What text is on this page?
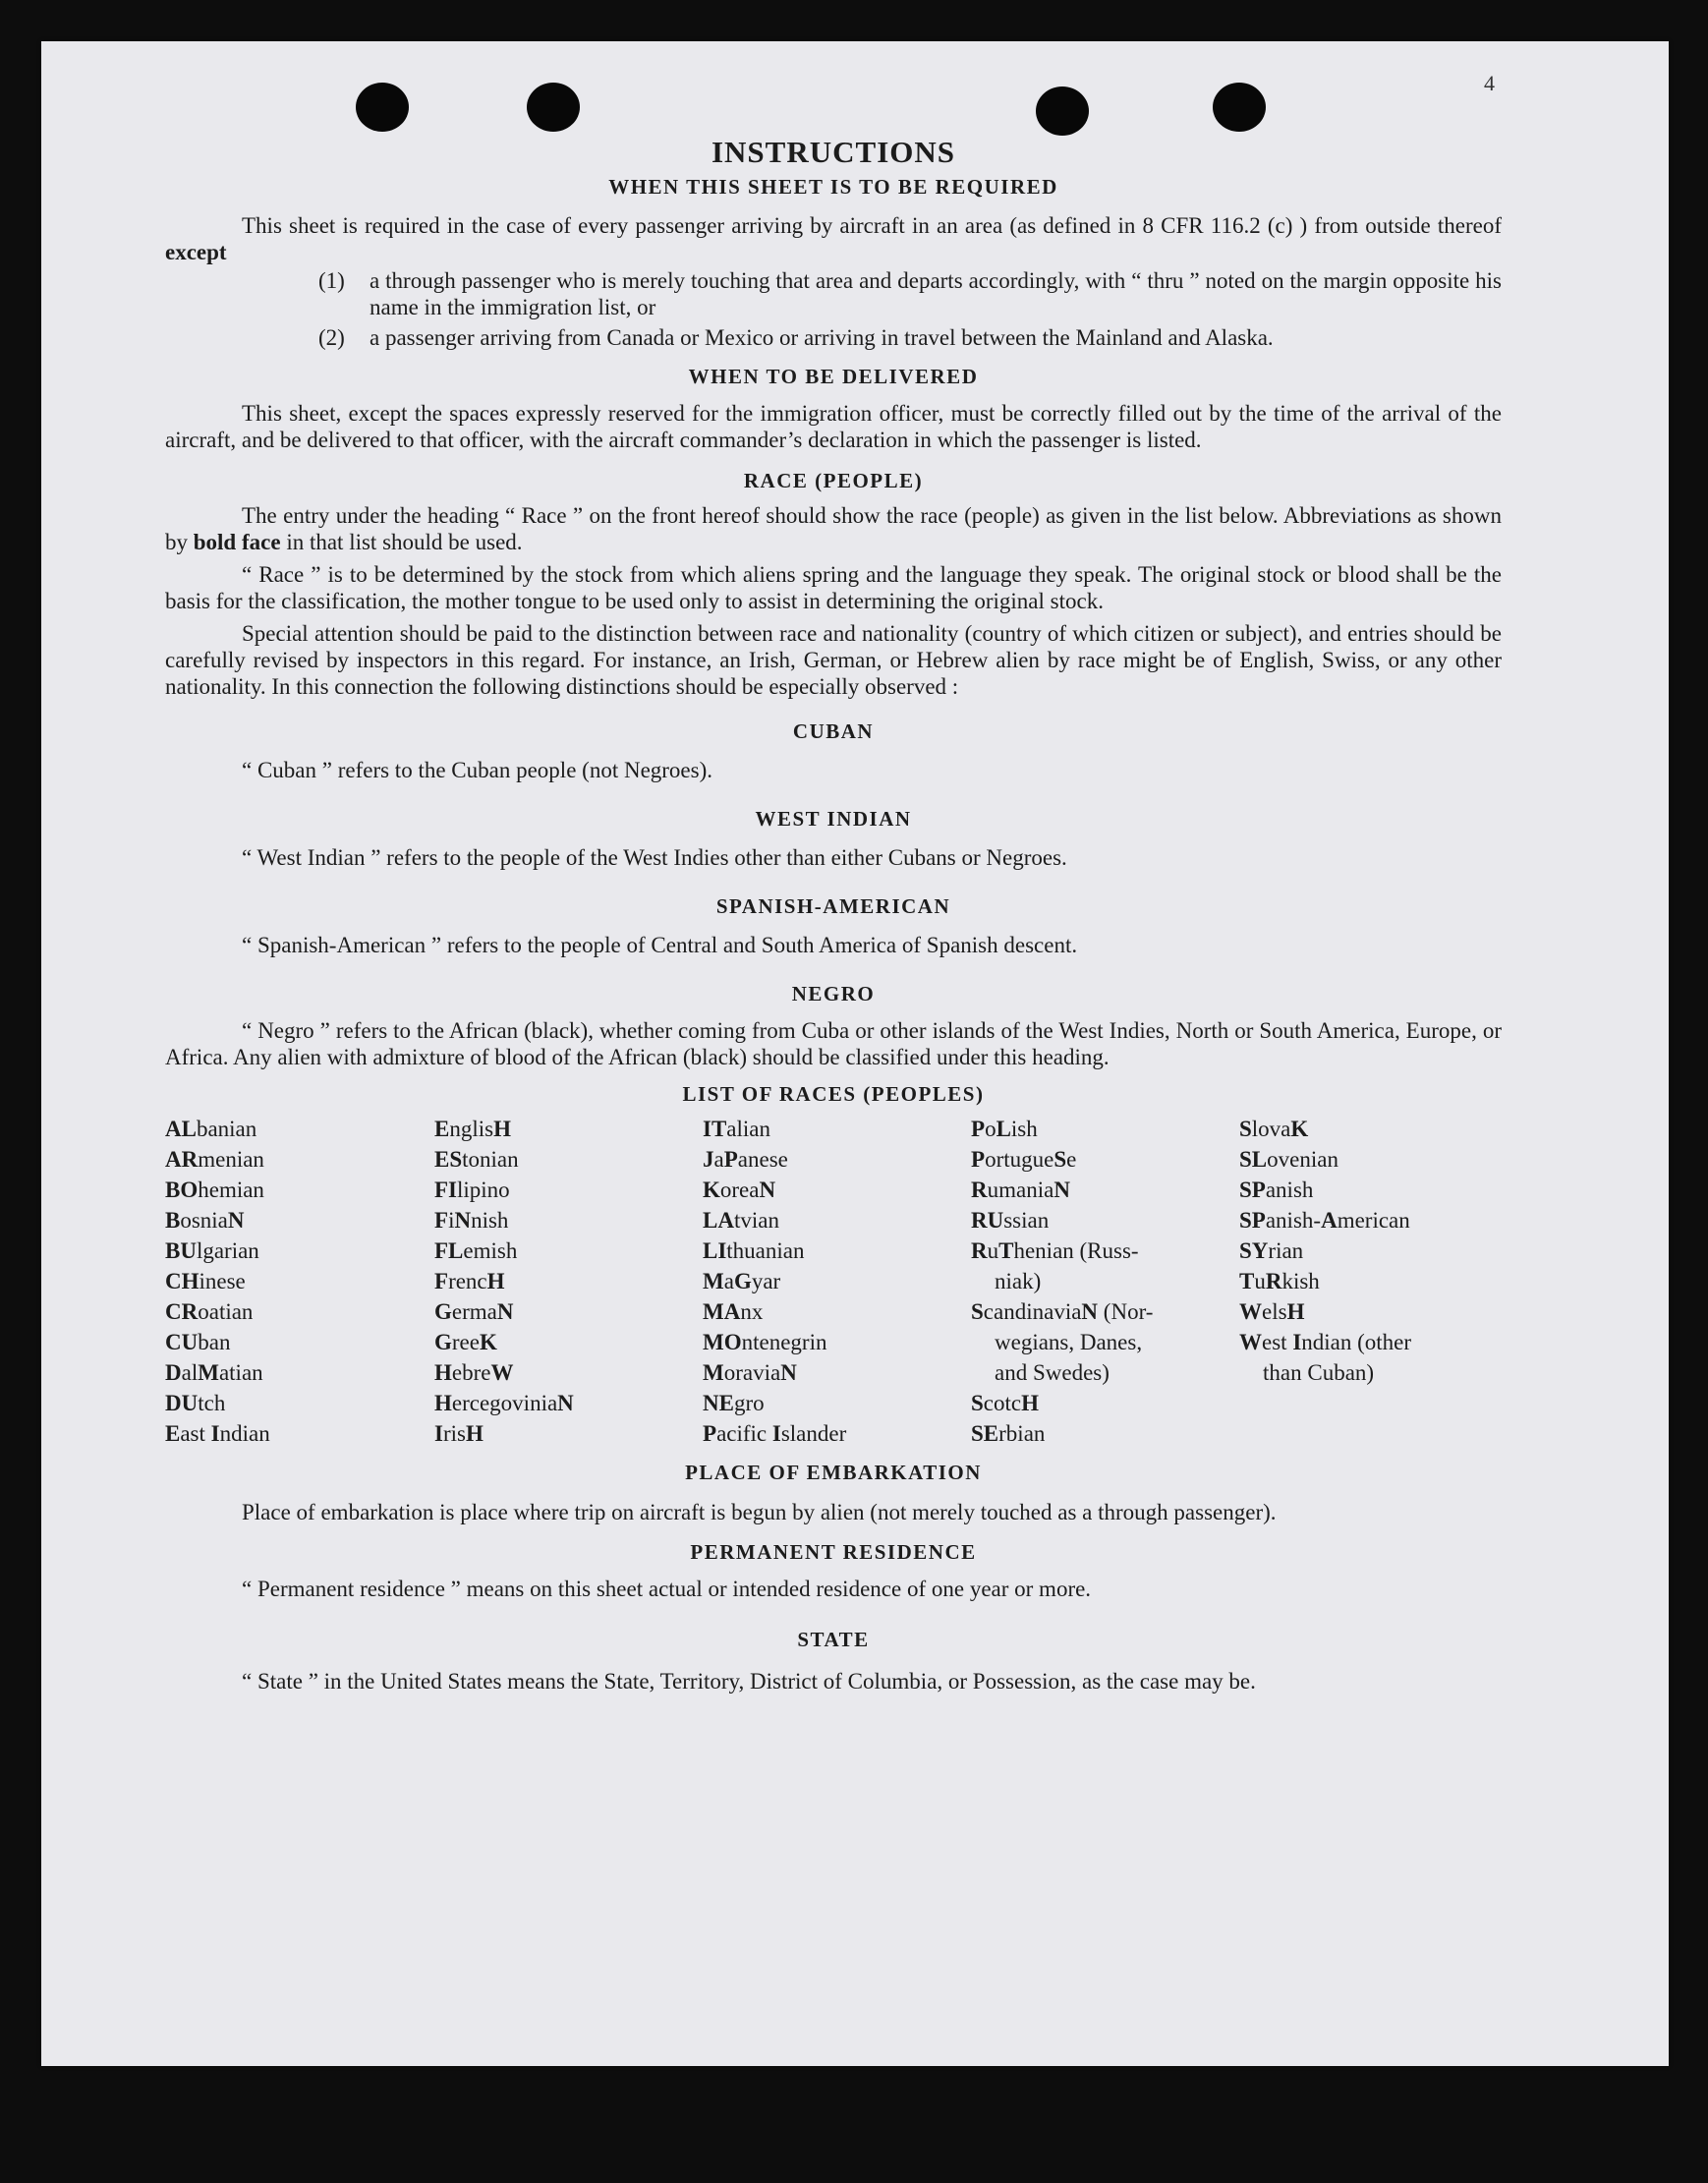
4
INSTRUCTIONS
WHEN THIS SHEET IS TO BE REQUIRED

This sheet is required in the case of every passenger arriving by aircraft in an area (as defined in 8 CFR 116.2 (c) ) from outside thereof except

(1)	a through passenger who is merely touching that area and departs accordingly, with “ thru ” noted on the margin opposite his name in the immigration list, or
(2)	a passenger arriving from Canada or Mexico or arriving in travel between the Mainland and Alaska.
WHEN TO BE DELIVERED

This sheet, except the spaces expressly reserved for the immigration officer, must be correctly filled out by the time of the arrival of the aircraft, and be delivered to that officer, with the aircraft commander’s declaration in which the passenger is listed.

RACE (PEOPLE)

The entry under the heading “ Race ” on the front hereof should show the race (people) as given in the list below. Abbreviations as shown by bold face in that list should be used.

“ Race ” is to be determined by the stock from which aliens spring and the language they speak. The original stock or blood shall be the basis for the classification, the mother tongue to be used only to assist in determining the original stock.

Special attention should be paid to the distinction between race and nationality (country of which citizen or subject), and entries should be carefully revised by inspectors in this regard. For instance, an Irish, German, or Hebrew alien by race might be of English, Swiss, or any other nationality. In this connection the following distinctions should be especially observed :

CUBAN

“ Cuban ” refers to the Cuban people (not Negroes).

WEST INDIAN

“ West Indian ” refers to the people of the West Indies other than either Cubans or Negroes.

SPANISH-AMERICAN

“ Spanish-American ” refers to the people of Central and South America of Spanish descent.

NEGRO

“ Negro ” refers to the African (black), whether coming from Cuba or other islands of the West Indies, North or South America, Europe, or Africa. Any alien with admixture of blood of the African (black) should be classified under this heading.

LIST OF RACES (PEOPLES)
ALbanian
ARmenian
BOhemian
BosniaN
BUlgarian
CHinese
CRoatian
CUban
DalMatian
DUtch
East Indian
EnglisH
EStonian
FIlipino
FiNnish
FLemish
FrencH
GermaN
GreeK
HebreW
HercegoviniaN
IrisH
ITalian
JaPanese
KoreaN
LAtvian
LIthuanian
MaGyar
MAnx
MOntenegrin
MoraviaN
NEgro
Pacific Islander
PoLish
PortugueSe
RumaniaN
RUssian
RuThenian (Russ-
niak)
ScandinaviaN (Nor-
wegians, Danes,
and Swedes)
ScotcH
SErbian
SlovaK
SLovenian
SPanish
SPanish-American
SYrian
TuRkish
WelsH
West Indian (other
than Cuban)
PLACE OF EMBARKATION

Place of embarkation is place where trip on aircraft is begun by alien (not merely touched as a through passenger).

PERMANENT RESIDENCE

“ Permanent residence ” means on this sheet actual or intended residence of one year or more.

STATE

“ State ” in the United States means the State, Territory, District of Columbia, or Possession, as the case may be.
